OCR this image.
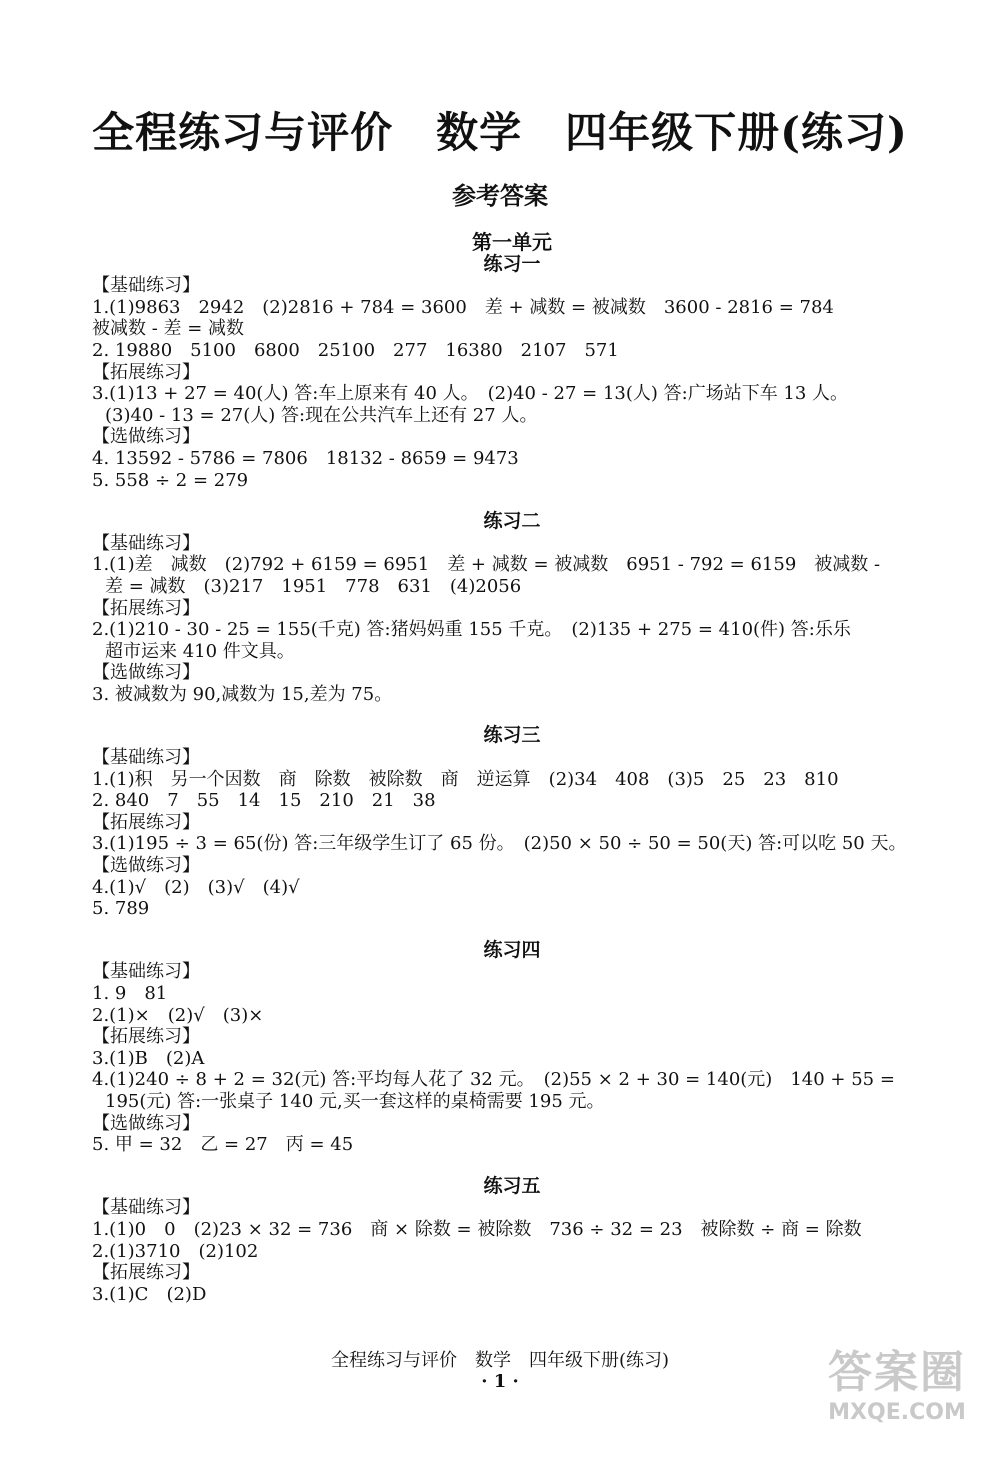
全程练习与评价　数学　四年级下册(练习)
参考答案
第一单元
练习一
【基础练习】
1.(1)9863　2942　(2)2816 + 784 = 3600　差 + 减数 = 被减数　3600 - 2816 = 784
被减数 - 差 = 减数
2. 19880　5100　6800　25100　277　16380　2107　571
【拓展练习】
3.(1)13 + 27 = 40(人) 答:车上原来有 40 人。　(2)40 - 27 = 13(人) 答:广场站下车 13 人。
(3)40 - 13 = 27(人) 答:现在公共汽车上还有 27 人。
【选做练习】
4. 13592 - 5786 = 7806　18132 - 8659 = 9473
5. 558 ÷ 2 = 279
练习二
【基础练习】
1.(1)差　减数　(2)792 + 6159 = 6951　差 + 减数 = 被减数　6951 - 792 = 6159　被减数 -
差 = 减数　(3)217　1951　778　631　(4)2056
【拓展练习】
2.(1)210 - 30 - 25 = 155(千克) 答:猪妈妈重 155 千克。　(2)135 + 275 = 410(件) 答:乐乐
超市运来 410 件文具。
【选做练习】
3. 被减数为 90,减数为 15,差为 75。
练习三
【基础练习】
1.(1)积　另一个因数　商　除数　被除数　商　逆运算　(2)34　408　(3)5　25　23　810
2. 840　7　55　14　15　210　21　38
【拓展练习】
3.(1)195 ÷ 3 = 65(份) 答:三年级学生订了 65 份。　(2)50 × 50 ÷ 50 = 50(天) 答:可以吃 50 天。
【选做练习】
4.(1)√　(2)　(3)√　(4)√
5. 789
练习四
【基础练习】
1. 9　81
2.(1)×　(2)√　(3)×
【拓展练习】
3.(1)B　(2)A
4.(1)240 ÷ 8 + 2 = 32(元) 答:平均每人花了 32 元。　(2)55 × 2 + 30 = 140(元)　140 + 55 =
195(元) 答:一张桌子 140 元,买一套这样的桌椅需要 195 元。
【选做练习】
5. 甲 = 32　乙 = 27　丙 = 45
练习五
【基础练习】
1.(1)0　0　(2)23 × 32 = 736　商 × 除数 = 被除数　736 ÷ 32 = 23　被除数 ÷ 商 = 除数
2.(1)3710　(2)102
【拓展练习】
3.(1)C　(2)D
全程练习与评价　数学　四年级下册(练习)
· 1 ·	答案圈
MXQE.COM
